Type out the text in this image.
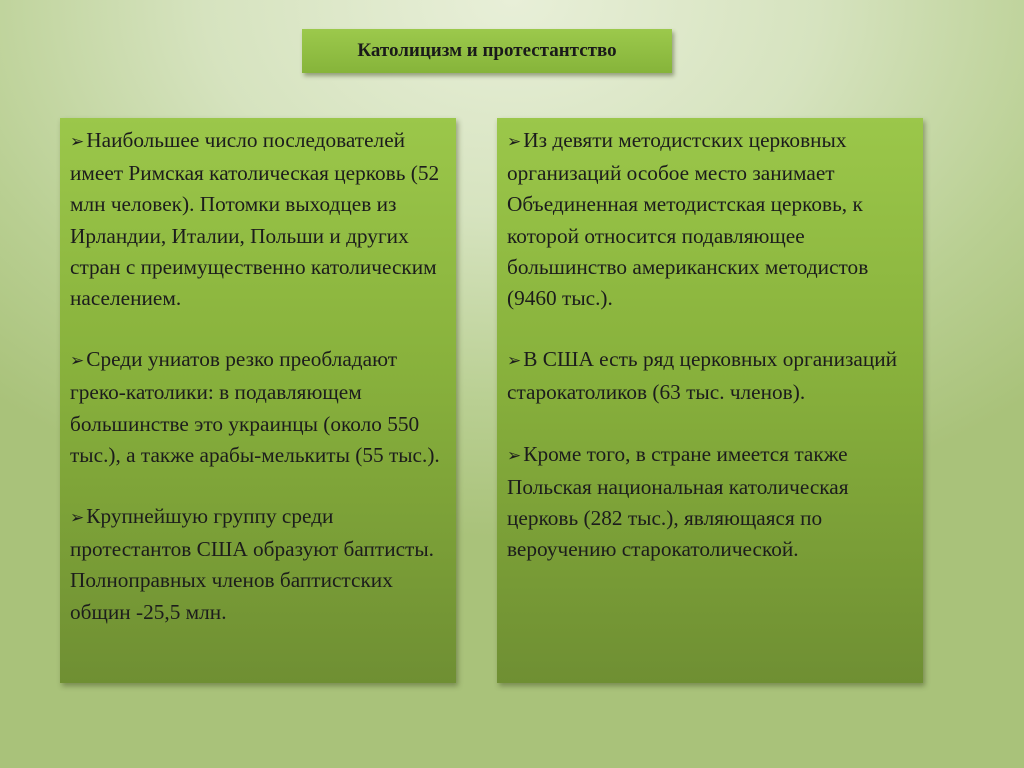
Католицизм и протестантство

➢Наибольшее число последователей имеет Римская католическая церковь (52 млн человек). Потомки выходцев из Ирландии, Италии, Польши и других стран с преимущественно католическим населением.

➢Среди униатов резко преобладают греко-католики: в подавляющем большинстве это украинцы (около 550 тыс.), а также арабы-мелькиты (55 тыс.).

➢Крупнейшую группу среди протестантов США образуют баптисты. Полноправных членов баптистских общин -25,5 млн.

➢Из девяти методистских церковных организаций особое место занимает Объединенная методистская церковь, к которой относится подавляющее большинство американских методистов (9460 тыс.).

➢В США есть ряд церковных организаций старокатоликов (63 тыс. членов).

➢Кроме того, в стране имеется также Польская национальная католическая церковь (282 тыс.), являющаяся по вероучению старокатолической.
